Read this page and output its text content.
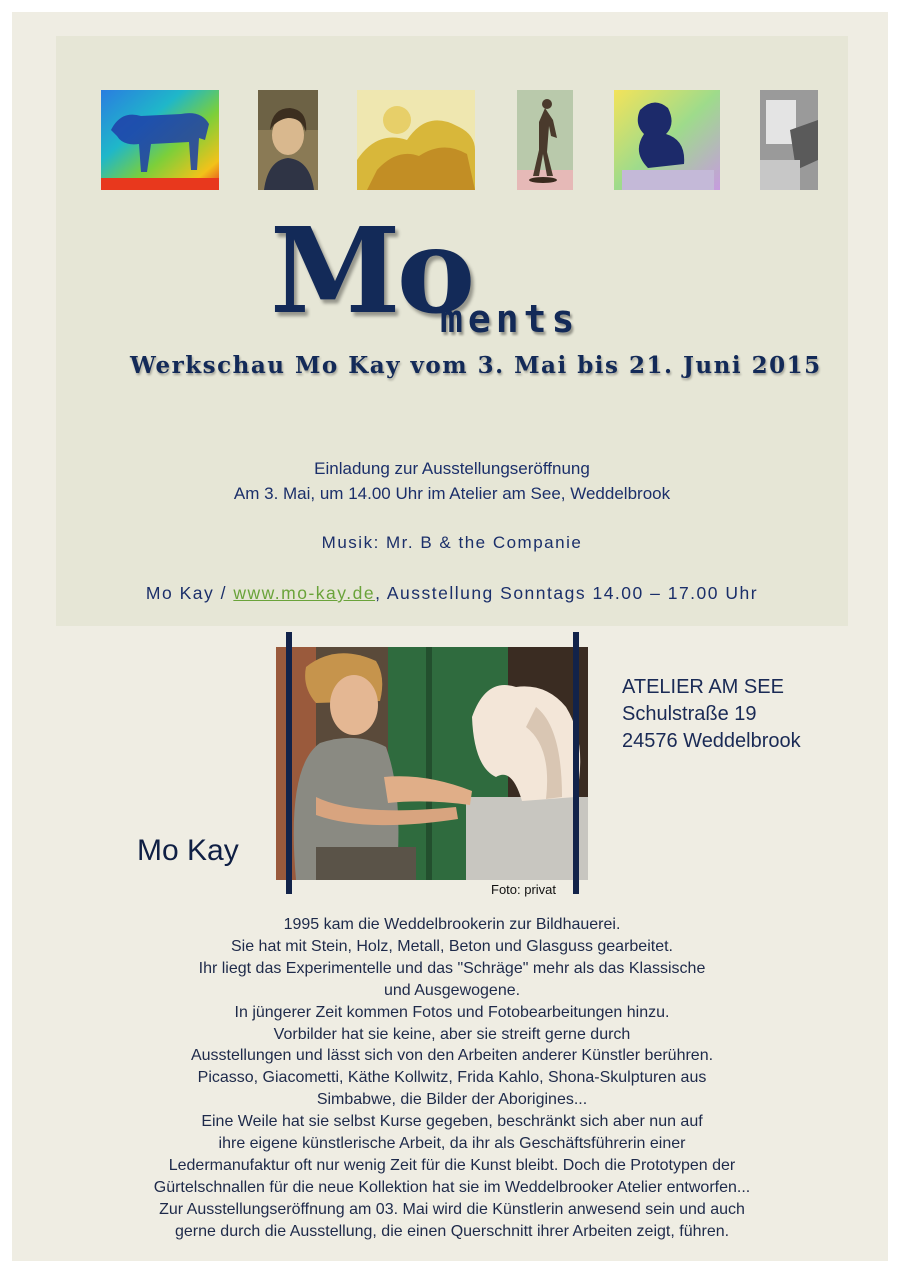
Mo
ments
Werkschau Mo Kay vom 3. Mai bis 21. Juni 2015
Einladung zur Ausstellungseröffnung
Am 3. Mai, um 14.00 Uhr im Atelier am See, Weddelbrook
Musik: Mr. B & the Companie
Mo Kay / www.mo-kay.de, Ausstellung Sonntags 14.00 – 17.00 Uhr
Foto: privat
Mo Kay
ATELIER AM SEE
Schulstraße 19
24576 Weddelbrook
1995 kam die Weddelbrookerin zur Bildhauerei.
Sie hat mit Stein, Holz, Metall, Beton und Glasguss gearbeitet.
Ihr liegt das Experimentelle und das "Schräge" mehr als das Klassische
und Ausgewogene.
In jüngerer Zeit kommen Fotos und Fotobearbeitungen hinzu.
Vorbilder hat sie keine, aber sie streift gerne durch
Ausstellungen und lässt sich von den Arbeiten anderer Künstler berühren.
Picasso, Giacometti, Käthe Kollwitz, Frida Kahlo, Shona-Skulpturen aus
Simbabwe, die Bilder der Aborigines...
Eine Weile hat sie selbst Kurse gegeben, beschränkt sich aber nun auf
ihre eigene künstlerische Arbeit, da ihr als Geschäftsführerin einer
Ledermanufaktur oft nur wenig Zeit für die Kunst bleibt. Doch die Prototypen der
Gürtelschnallen für die neue Kollektion hat sie im Weddelbrooker Atelier entworfen...
Zur Ausstellungseröffnung am 03. Mai wird die Künstlerin anwesend sein und auch
gerne durch die Ausstellung, die einen Querschnitt ihrer Arbeiten zeigt, führen.
